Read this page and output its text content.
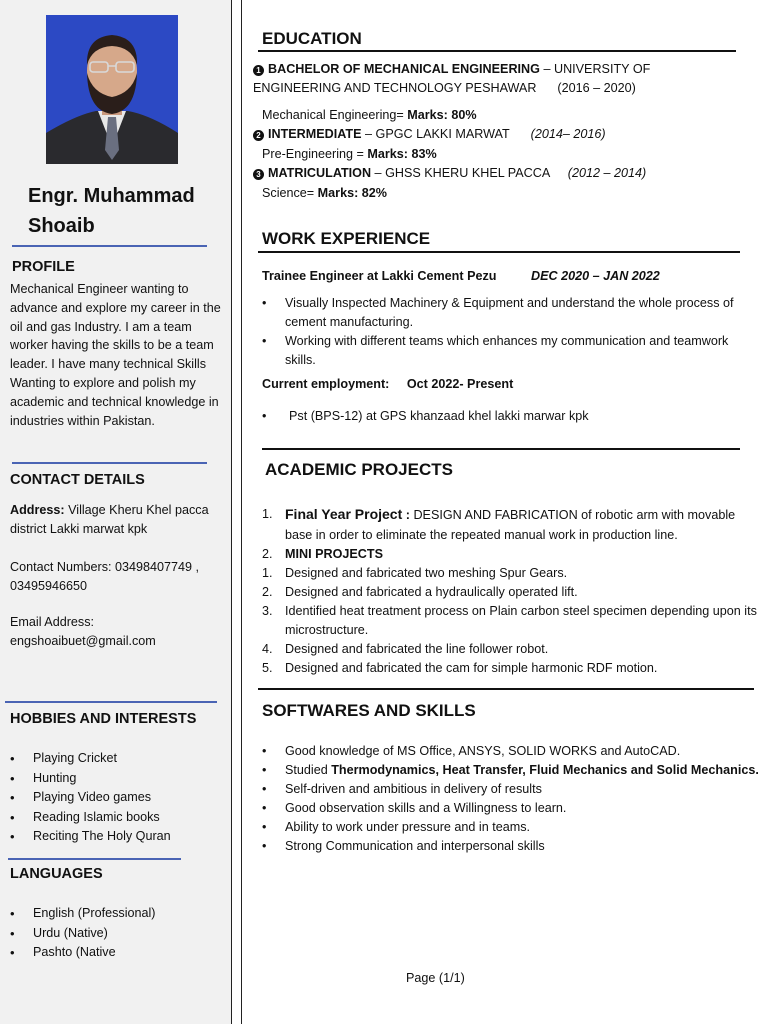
Engr. Muhammad Shoaib
PROFILE
Mechanical Engineer wanting to advance and explore my career in the oil and gas Industry. I am a team worker having the skills to be a team leader. I have many technical Skills Wanting to explore and polish my academic and technical knowledge in industries within Pakistan.
CONTACT DETAILS
Address: Village Kheru Khel pacca district Lakki marwat kpk
Contact Numbers: 03498407749 , 03495946650
Email Address:
engshoaibuet@gmail.com
HOBBIES AND INTERESTS
• Playing Cricket
• Hunting
• Playing Video games
• Reading Islamic books
• Reciting The Holy Quran
LANGUAGES
• English (Professional)
• Urdu (Native)
• Pashto (Native
EDUCATION
1 BACHELOR OF MECHANICAL ENGINEERING – UNIVERSITY OF ENGINEERING AND TECHNOLOGY PESHAWAR (2016 – 2020)
Mechanical Engineering= Marks: 80%
2 INTERMEDIATE – GPGC LAKKI MARWAT (2014– 2016)
Pre-Engineering = Marks: 83%
3 MATRICULATION – GHSS KHERU KHEL PACCA (2012 – 2014)
Science= Marks: 82%
WORK EXPERIENCE
Trainee Engineer at Lakki Cement Pezu	DEC 2020 – JAN 2022
• Visually Inspected Machinery & Equipment and understand the whole process of cement manufacturing.
• Working with different teams which enhances my communication and teamwork skills.
Current employment: Oct 2022- Present
• Pst (BPS-12) at GPS khanzaad khel lakki marwar kpk
ACADEMIC PROJECTS
1. Final Year Project : DESIGN AND FABRICATION of robotic arm with movable base in order to eliminate the repeated manual work in production line.
2. MINI PROJECTS
1. Designed and fabricated two meshing Spur Gears.
2. Designed and fabricated a hydraulically operated lift.
3. Identified heat treatment process on Plain carbon steel specimen depending upon its microstructure.
4. Designed and fabricated the line follower robot.
5. Designed and fabricated the cam for simple harmonic RDF motion.
SOFTWARES AND SKILLS
• Good knowledge of MS Office, ANSYS, SOLID WORKS and AutoCAD.
• Studied Thermodynamics, Heat Transfer, Fluid Mechanics and Solid Mechanics.
• Self-driven and ambitious in delivery of results
• Good observation skills and a Willingness to learn.
• Ability to work under pressure and in teams.
• Strong Communication and interpersonal skills
Page (1/1)
